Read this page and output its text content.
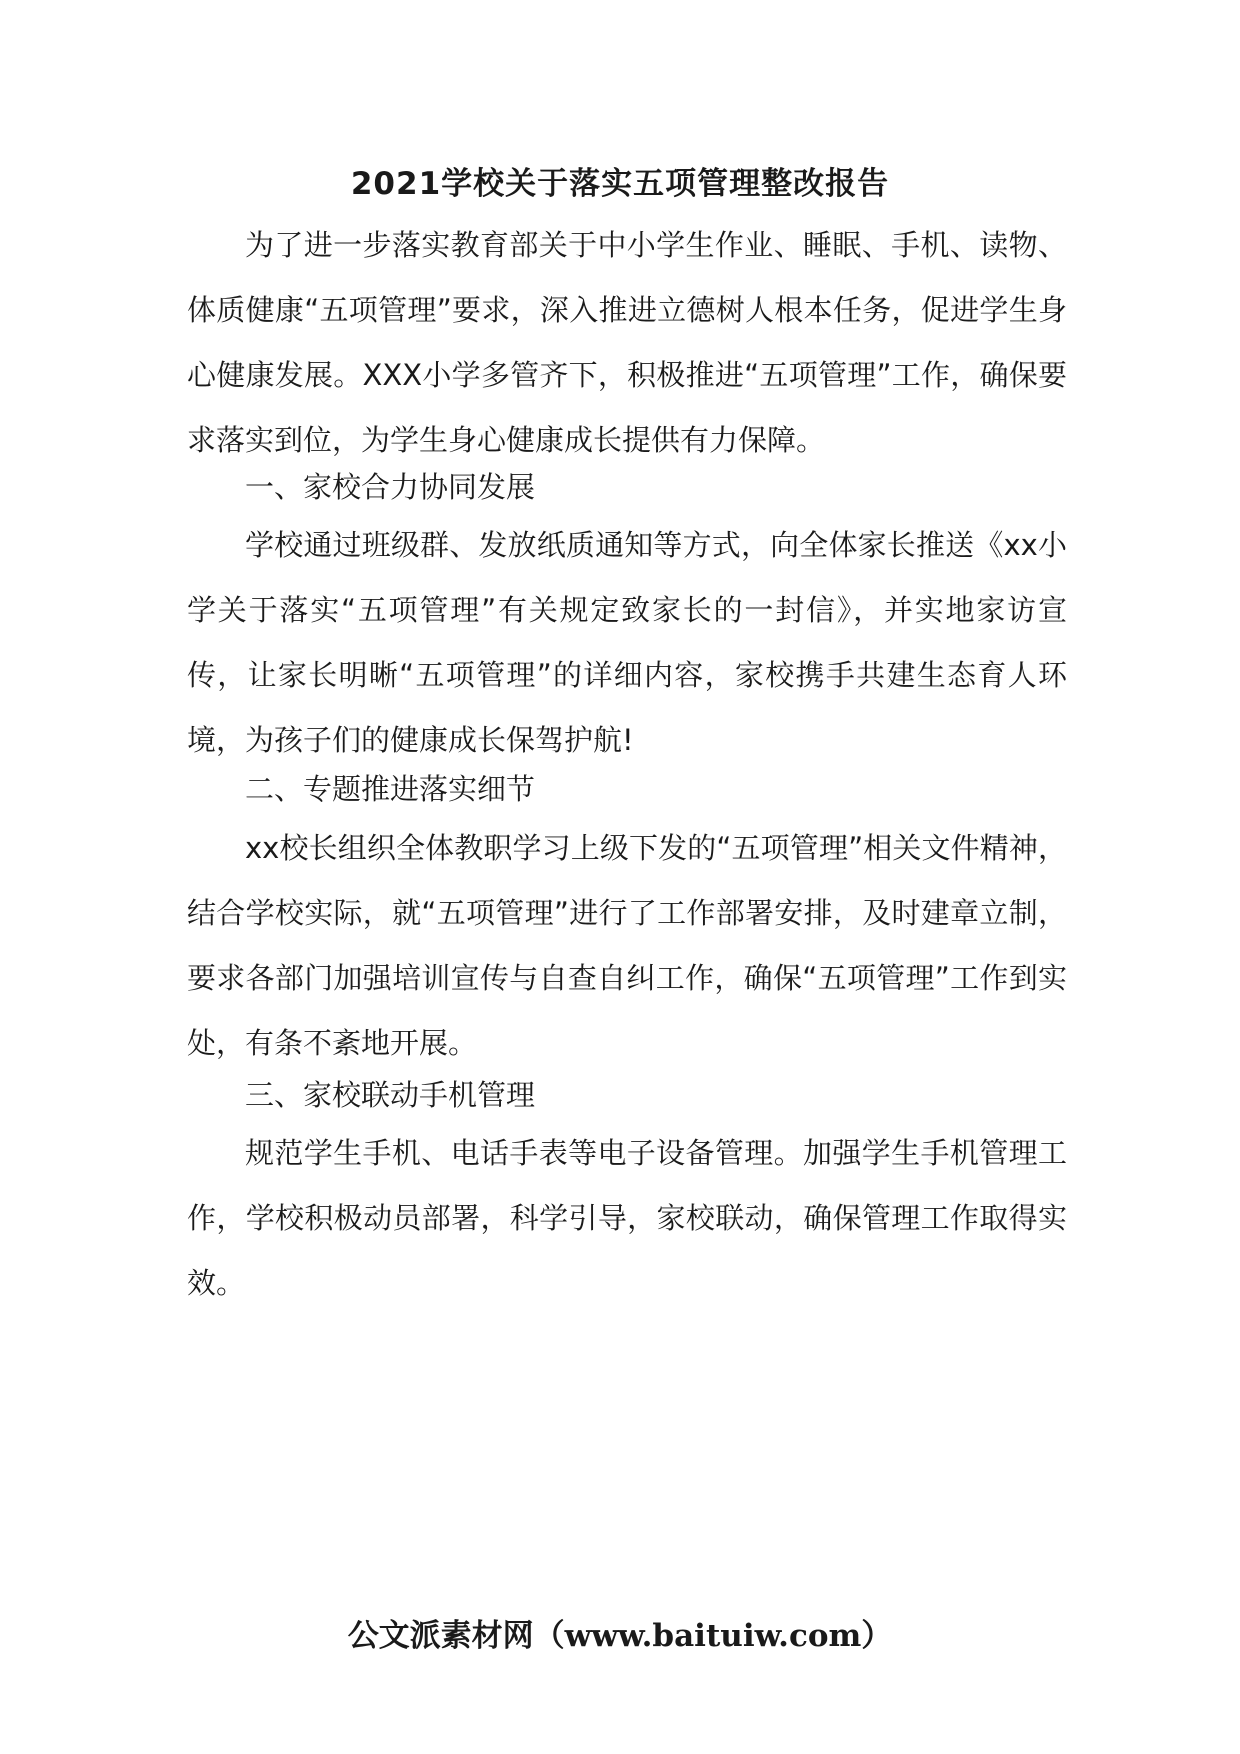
2021学校关于落实五项管理整改报告

为了进一步落实教育部关于中小学生作业、睡眠、手机、读物、体质健康“五项管理”要求，深入推进立德树人根本任务，促进学生身心健康发展。XXX小学多管齐下，积极推进“五项管理”工作，确保要求落实到位，为学生身心健康成长提供有力保障。

一、家校合力协同发展

学校通过班级群、发放纸质通知等方式，向全体家长推送《xx小学关于落实“五项管理”有关规定致家长的一封信》，并实地家访宣传，让家长明晰“五项管理”的详细内容，家校携手共建生态育人环境，为孩子们的健康成长保驾护航!

二、专题推进落实细节

xx校长组织全体教职学习上级下发的“五项管理”相关文件精神，结合学校实际，就“五项管理”进行了工作部署安排，及时建章立制，要求各部门加强培训宣传与自查自纠工作，确保“五项管理”工作到实处，有条不紊地开展。

三、家校联动手机管理

规范学生手机、电话手表等电子设备管理。加强学生手机管理工作，学校积极动员部署，科学引导，家校联动，确保管理工作取得实效。

公文派素材网（www.baituiw.com）
